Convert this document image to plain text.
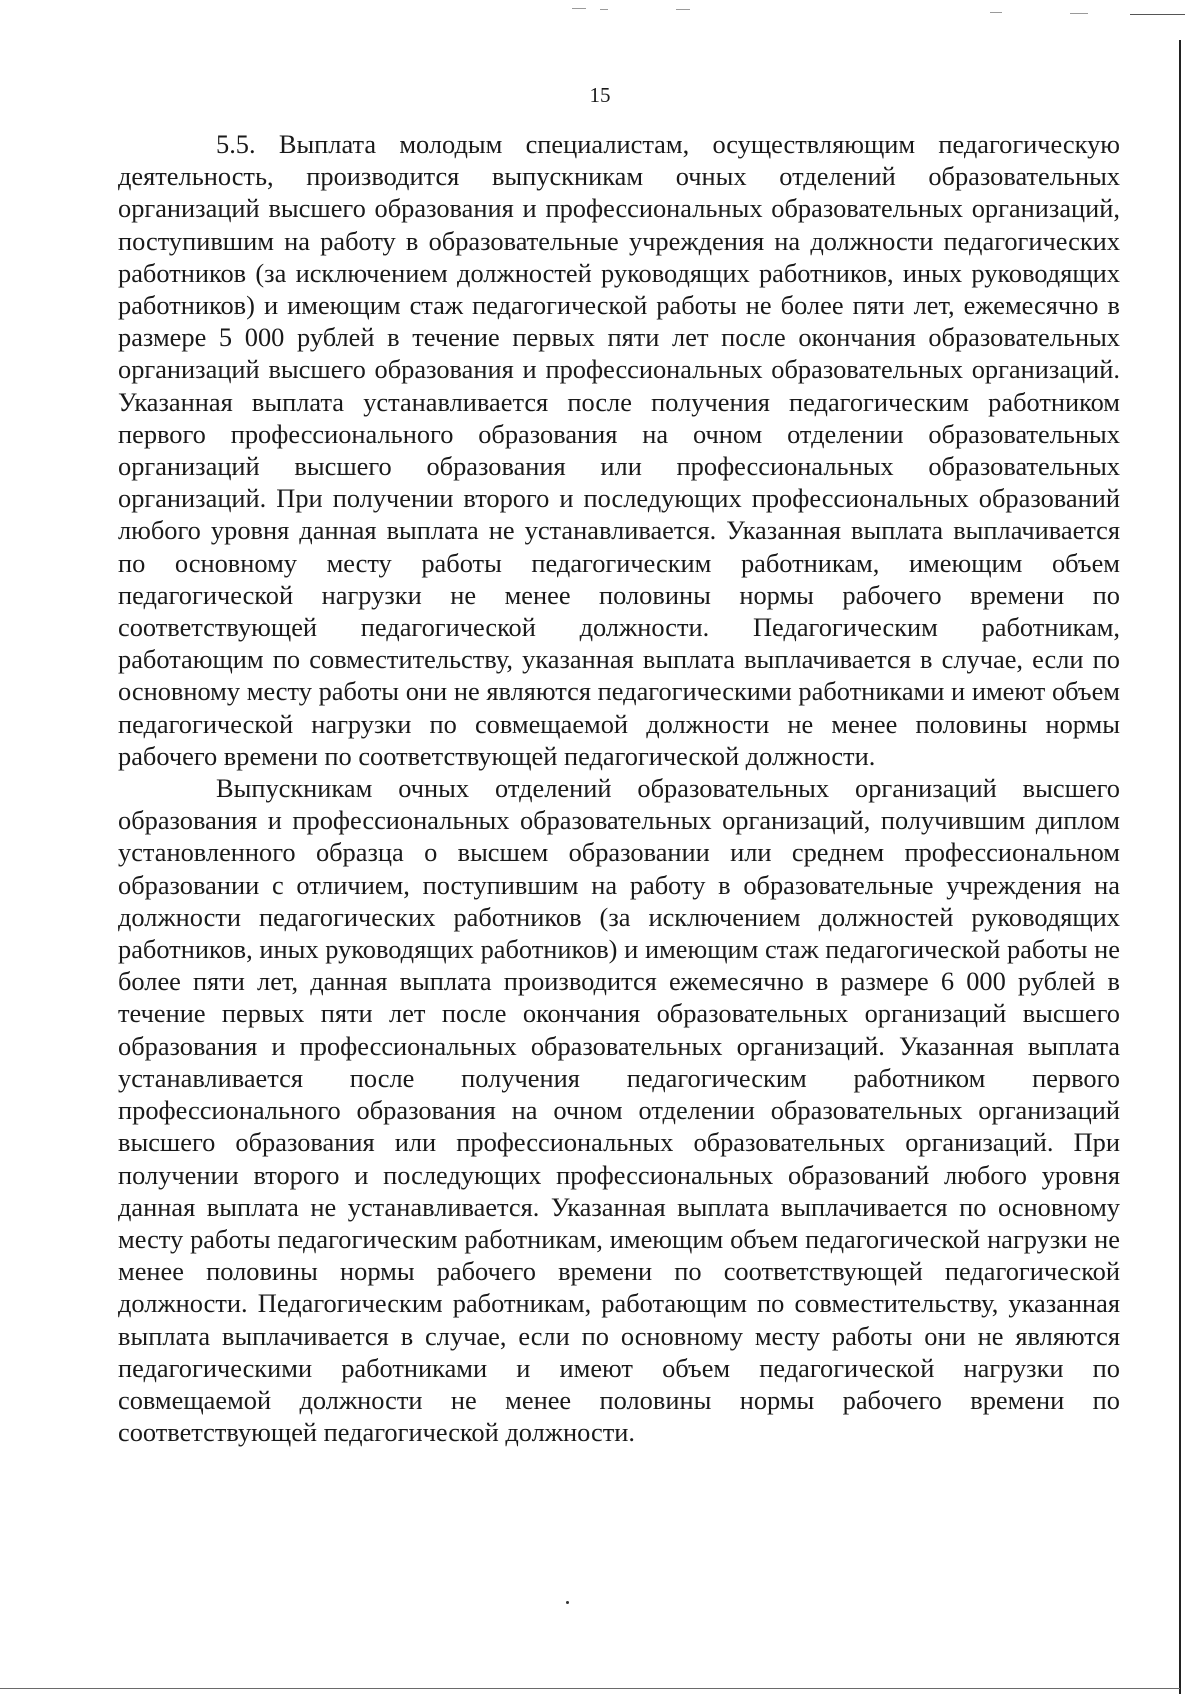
15

5.5. Выплата молодым специалистам, осуществляющим педагогическую деятельность, производится выпускникам очных отделений образовательных организаций высшего образования и профессиональных образовательных организаций, поступившим на работу в образовательные учреждения на должности педагогических работников (за исключением должностей руководящих работников, иных руководящих работников) и имеющим стаж педагогической работы не более пяти лет, ежемесячно в размере 5 000 рублей в течение первых пяти лет после окончания образовательных организаций высшего образования и профессиональных образовательных организаций. Указанная выплата устанавливается после получения педагогическим работником первого профессионального образования на очном отделении образовательных организаций высшего образования или профессиональных образовательных организаций. При получении второго и последующих профессиональных образований любого уровня данная выплата не устанавливается. Указанная выплата выплачивается по основному месту работы педагогическим работникам, имеющим объем педагогической нагрузки не менее половины нормы рабочего времени по соответствующей педагогической должности. Педагогическим работникам, работающим по совместительству, указанная выплата выплачивается в случае, если по основному месту работы они не являются педагогическими работниками и имеют объем педагогической нагрузки по совмещаемой должности не менее половины нормы рабочего времени по соответствующей педагогической должности.

Выпускникам очных отделений образовательных организаций высшего образования и профессиональных образовательных организаций, получившим диплом установленного образца о высшем образовании или среднем профессиональном образовании с отличием, поступившим на работу в образовательные учреждения на должности педагогических работников (за исключением должностей руководящих работников, иных руководящих работников) и имеющим стаж педагогической работы не более пяти лет, данная выплата производится ежемесячно в размере 6 000 рублей в течение первых пяти лет после окончания образовательных организаций высшего образования и профессиональных образовательных организаций. Указанная выплата устанавливается после получения педагогическим работником первого профессионального образования на очном отделении образовательных организаций высшего образования или профессиональных образовательных организаций. При получении второго и последующих профессиональных образований любого уровня данная выплата не устанавливается. Указанная выплата выплачивается по основному месту работы педагогическим работникам, имеющим объем педагогической нагрузки не менее половины нормы рабочего времени по соответствующей педагогической должности. Педагогическим работникам, работающим по совместительству, указанная выплата выплачивается в случае, если по основному месту работы они не являются педагогическими работниками и имеют объем педагогической нагрузки по совмещаемой должности не менее половины нормы рабочего времени по соответствующей педагогической должности.
